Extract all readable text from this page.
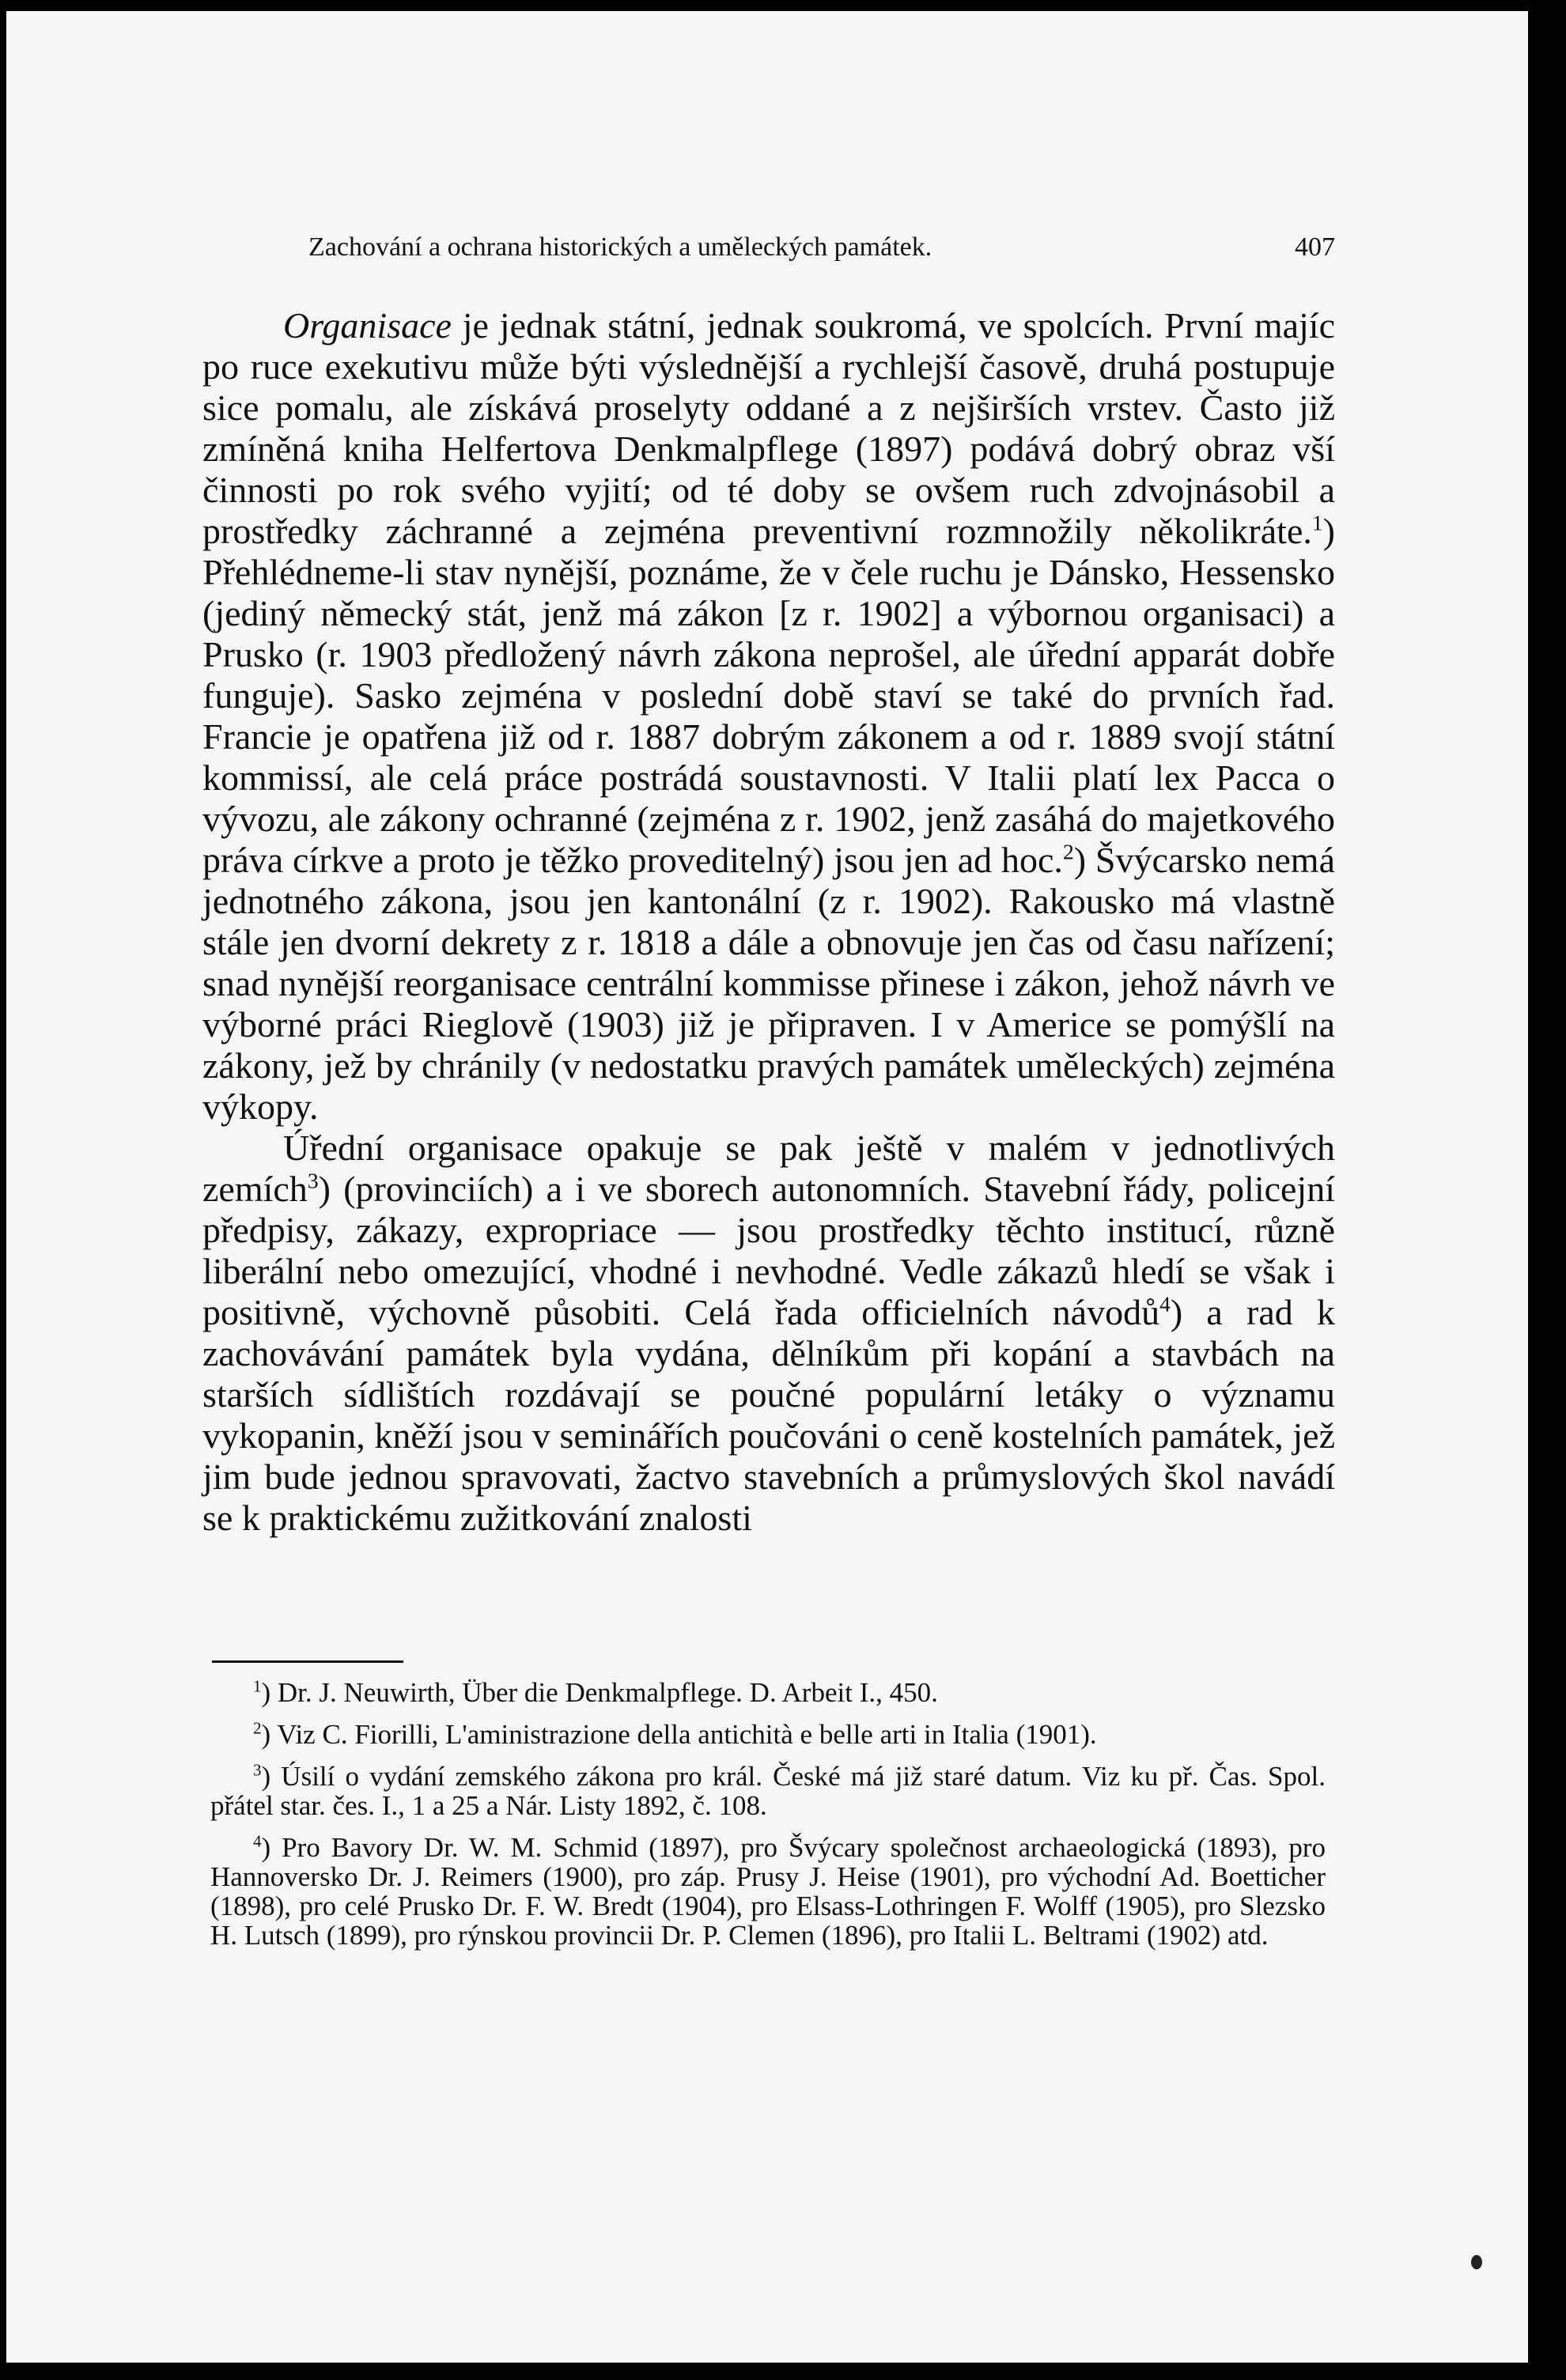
Zachování a ochrana historických a uměleckých památek.	407

Organisace je jednak státní, jednak soukromá, ve spolcích. První majíc po ruce exekutivu může býti výslednější a rychlejší časově, druhá postupuje sice pomalu, ale získává proselyty oddané a z nejširších vrstev. Často již zmíněná kniha Helfertova Denkmalpflege (1897) podává dobrý obraz vší činnosti po rok svého vyjití; od té doby se ovšem ruch zdvojnásobil a prostředky záchranné a zejména preventivní rozmnožily několikráte.$^1$) Přehlédneme-li stav nynější, poznáme, že v čele ruchu je Dánsko, Hessensko (jediný německý stát, jenž má zákon [z r. 1902] a výbornou organisaci) a Prusko (r. 1903 předložený návrh zákona neprošel, ale úřední apparát dobře funguje). Sasko zejména v poslední době staví se také do prvních řad. Francie je opatřena již od r. 1887 dobrým zákonem a od r. 1889 svojí státní kommissí, ale celá práce postrádá soustavnosti. V Italii platí lex Pacca o vývozu, ale zákony ochranné (zejména z r. 1902, jenž zasáhá do majetkového práva církve a proto je těžko proveditelný) jsou jen ad hoc.$^2$) Švýcarsko nemá jednotného zákona, jsou jen kantonální (z r. 1902). Rakousko má vlastně stále jen dvorní dekrety z r. 1818 a dále a obnovuje jen čas od času nařízení; snad nynější reorganisace centrální kommisse přinese i zákon, jehož návrh ve výborné práci Rieglově (1903) již je připraven. I v Americe se pomýšlí na zákony, jež by chránily (v nedostatku pravých památek uměleckých) zejména výkopy.

Úřední organisace opakuje se pak ještě v malém v jednotlivých zemích$^3$) (provinciích) a i ve sborech autonomních. Stavební řády, policejní předpisy, zákazy, expropriace — jsou prostředky těchto institucí, různě liberální nebo omezující, vhodné i nevhodné. Vedle zákazů hledí se však i positivně, výchovně působiti. Celá řada officielních návodů$^4$) a rad k zachovávání památek byla vydána, dělníkům při kopání a stavbách na starších sídlištích rozdávají se poučné populární letáky o významu vykopanin, kněží jsou v seminářích poučováni o ceně kostelních památek, jež jim bude jednou spravovati, žactvo stavebních a průmyslových škol navádí se k praktickému zužitkování znalosti

$^1$) Dr. J. Neuwirth, Über die Denkmalpflege. D. Arbeit I., 450.

$^2$) Viz C. Fiorilli, L'aministrazione della antichità e belle arti in Italia (1901).

$^3$) Úsilí o vydání zemského zákona pro král. České má již staré datum. Viz ku př. Čas. Spol. přátel star. čes. I., 1 a 25 a Nár. Listy 1892, č. 108.

$^4$) Pro Bavory Dr. W. M. Schmid (1897), pro Švýcary společnost archaeologická (1893), pro Hannoversko Dr. J. Reimers (1900), pro záp. Prusy J. Heise (1901), pro východní Ad. Boetticher (1898), pro celé Prusko Dr. F. W. Bredt (1904), pro Elsass-Lothringen F. Wolff (1905), pro Slezsko H. Lutsch (1899), pro rýnskou provincii Dr. P. Clemen (1896), pro Italii L. Beltrami (1902) atd.
